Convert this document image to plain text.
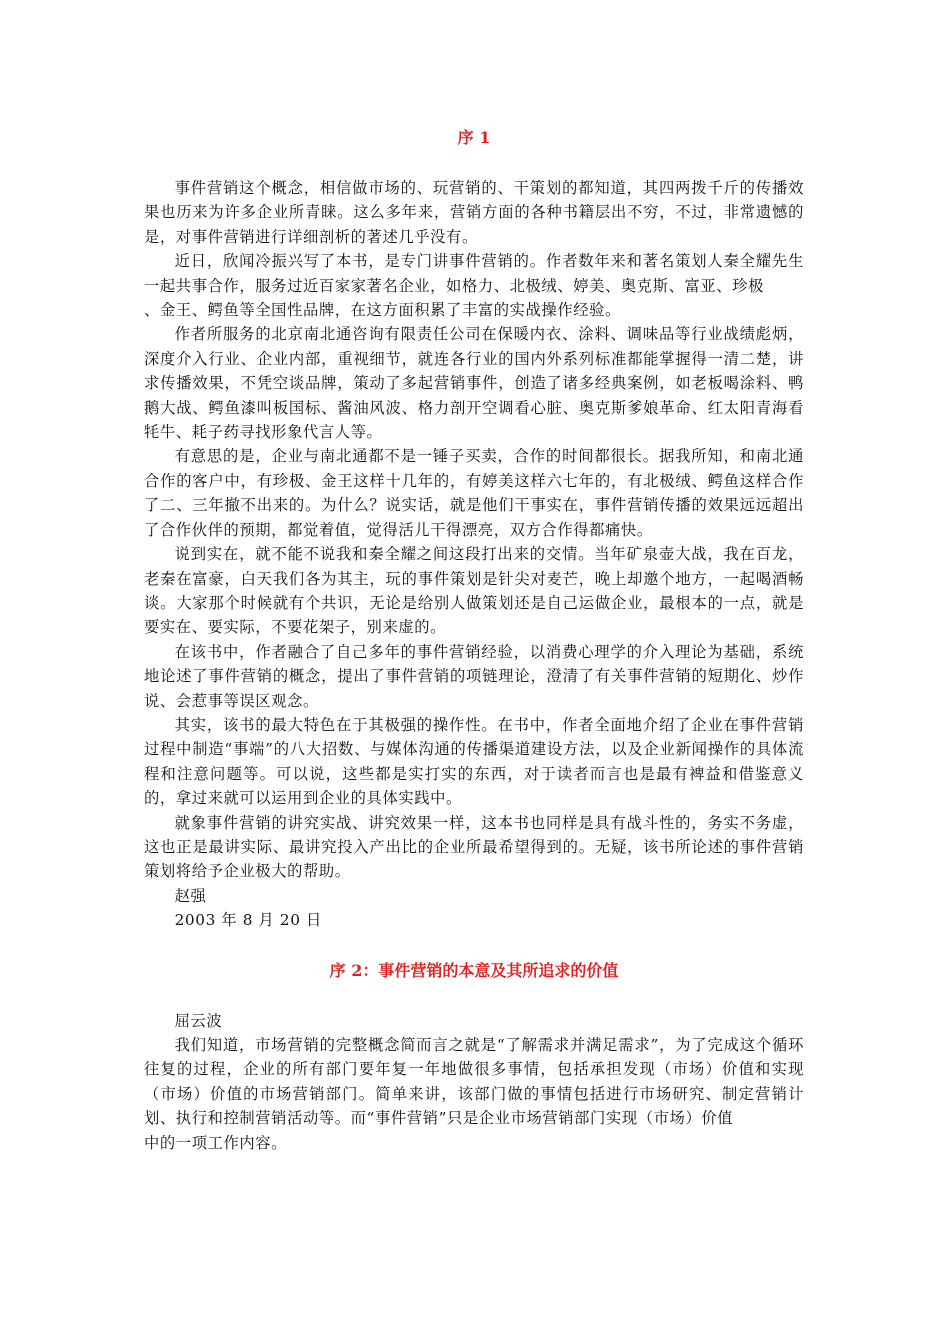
序 1

事件营销这个概念，相信做市场的、玩营销的、干策划的都知道，其四两拨千斤的传播效果也历来为许多企业所青睐。这么多年来，营销方面的各种书籍层出不穷，不过，非常遗憾的是，对事件营销进行详细剖析的著述几乎没有。

近日，欣闻冷振兴写了本书，是专门讲事件营销的。作者数年来和著名策划人秦全耀先生一起共事合作，服务过近百家家著名企业，如格力、北极绒、婷美、奥克斯、富亚、珍极

、金王、鳄鱼等全国性品牌，在这方面积累了丰富的实战操作经验。

作者所服务的北京南北通咨询有限责任公司在保暖内衣、涂料、调味品等行业战绩彪炳，深度介入行业、企业内部，重视细节，就连各行业的国内外系列标准都能掌握得一清二楚，讲求传播效果，不凭空谈品牌，策动了多起营销事件，创造了诸多经典案例，如老板喝涂料、鸭鹅大战、鳄鱼漆叫板国标、酱油风波、格力剖开空调看心脏、奥克斯爹娘革命、红太阳青海看牦牛、耗子药寻找形象代言人等。

有意思的是，企业与南北通都不是一锤子买卖，合作的时间都很长。据我所知，和南北通合作的客户中，有珍极、金王这样十几年的，有婷美这样六七年的，有北极绒、鳄鱼这样合作了二、三年撤不出来的。为什么？说实话，就是他们干事实在，事件营销传播的效果远远超出了合作伙伴的预期，都觉着值，觉得活儿干得漂亮，双方合作得都痛快。

说到实在，就不能不说我和秦全耀之间这段打出来的交情。当年矿泉壶大战，我在百龙，老秦在富豪，白天我们各为其主，玩的事件策划是针尖对麦芒，晚上却邀个地方，一起喝酒畅谈。大家那个时候就有个共识，无论是给别人做策划还是自己运做企业，最根本的一点，就是要实在、要实际，不要花架子，别来虚的。

在该书中，作者融合了自己多年的事件营销经验，以消费心理学的介入理论为基础，系统地论述了事件营销的概念，提出了事件营销的项链理论，澄清了有关事件营销的短期化、炒作说、会惹事等误区观念。

其实，该书的最大特色在于其极强的操作性。在书中，作者全面地介绍了企业在事件营销过程中制造“事端”的八大招数、与媒体沟通的传播渠道建设方法，以及企业新闻操作的具体流程和注意问题等。可以说，这些都是实打实的东西，对于读者而言也是最有裨益和借鉴意义的，拿过来就可以运用到企业的具体实践中。

就象事件营销的讲究实战、讲究效果一样，这本书也同样是具有战斗性的，务实不务虚，这也正是最讲实际、最讲究投入产出比的企业所最希望得到的。无疑，该书所论述的事件营销策划将给予企业极大的帮助。

赵强

2003 年 8 月 20 日

序 2：事件营销的本意及其所追求的价值

屈云波

我们知道，市场营销的完整概念简而言之就是“了解需求并满足需求”，为了完成这个循环往复的过程，企业的所有部门要年复一年地做很多事情，包括承担发现（市场）价值和实现（市场）价值的市场营销部门。简单来讲，该部门做的事情包括进行市场研究、制定营销计划、执行和控制营销活动等。而“事件营销”只是企业市场营销部门实现（市场）价值

中的一项工作内容。
